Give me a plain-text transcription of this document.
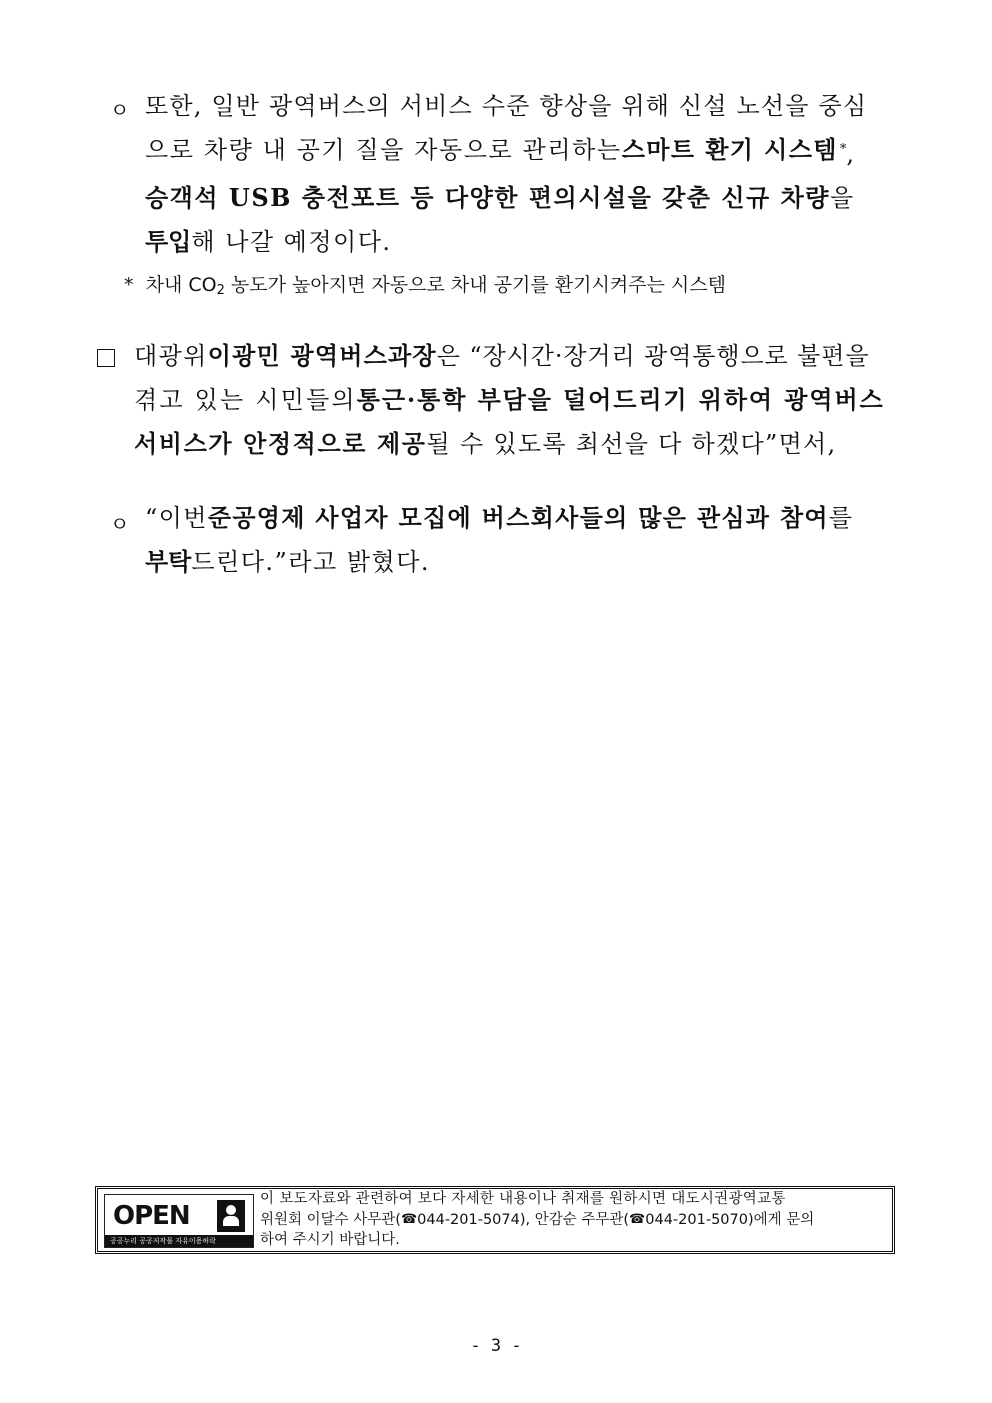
ㅇ 또한, 일반 광역버스의 서비스 수준 향상을 위해 신설 노선을 중심
으로 차량 내 공기 질을 자동으로 관리하는 스마트 환기 시스템 *,
승객석 USB 충전포트 등 다양한 편의시설을 갖춘 신규 차량 을
투입 해 나갈 예정이다.
* 차내 $CO_2$ 농도가 높아지면 자동으로 차내 공기를 환기시켜주는 시스템
대광위 이광민 광역버스과장 은 “장시간·장거리 광역통행으로 불편을
겪고 있는 시민들의 통근·통학 부담을 덜어드리기 위하여 광역버스
서비스가 안정적으로 제공 될 수 있도록 최선을 다 하겠다”면서,
ㅇ “이번 준공영제 사업자 모집에 버스회사들의 많은 관심과 참여 를
부탁 드린다.”라고 밝혔다.
OPEN
공공누리 공공저작물 자유이용허락
이 보도자료와 관련하여 보다 자세한 내용이나 취재를 원하시면 대도시권광역교통
위원회 이달수 사무관( ☎ 044-201-5074), 안감순 주무관( ☎ 044-201-5070)에게 문의
하여 주시기 바랍니다.
- 3 -
